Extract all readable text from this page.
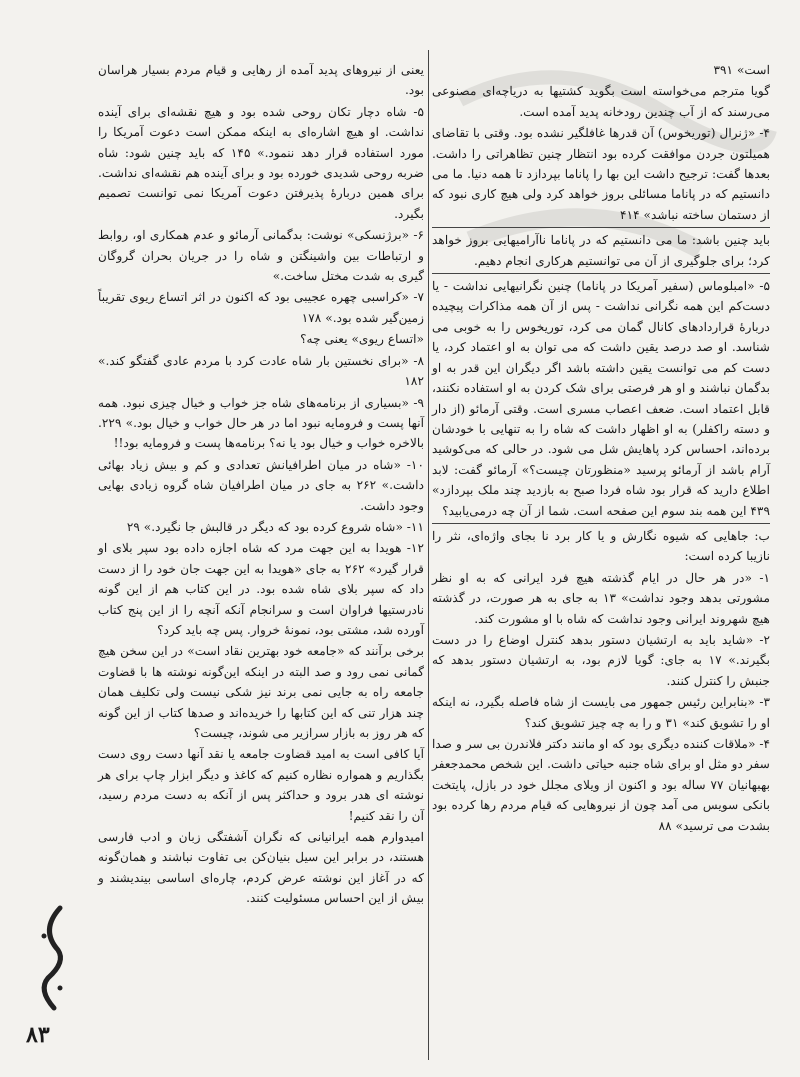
است» ۳۹۱

گویا مترجم می‌خواسته است بگوید کشتیها به دریاچه‌ای مصنوعی می‌رسند که از آب چندین رودخانه پدید آمده است.

۴- «ژنرال (توریخوس) آن قدرها غافلگیر نشده بود. وقتی با تقاضای همیلتون جردن موافقت کرده بود انتظار چنین تظاهراتی را داشت. بعدها گفت: ترجیح داشت این بها را پاناما بپردازد تا همه دنیا. ما می دانستیم که در پاناما مسائلی بروز خواهد کرد ولی هیچ کاری نبود که از دستمان ساخته نباشد» ۴۱۴

باید چنین باشد: ما می دانستیم که در پاناما ناآرامیهایی بروز خواهد کرد؛ برای جلوگیری از آن می توانستیم هرکاری انجام دهیم.

۵- «امبلوماس (سفیر آمریکا در پاناما) چنین نگرانیهایی نداشت - یا دست‌کم این همه نگرانی نداشت - پس از آن همه مذاکرات پیچیده دربارهٔ قراردادهای کانال گمان می کرد، توریخوس را به خوبی می شناسد. او صد درصد یقین داشت که می توان به او اعتماد کرد، یا دست کم می توانست یقین داشته باشد اگر دیگران این قدر به او بدگمان نباشند و او هر فرصتی برای شک کردن به او استفاده نکنند، قابل اعتماد است. ضعف اعصاب مسری است. وقتی آرمائو (از دار و دسته راکفلر) به او اظهار داشت که شاه را به تنهایی با خودشان برده‌اند، احساس کرد پاهایش شل می شود. در حالی که می‌کوشید آرام باشد از آرمائو پرسید «منظورتان چیست؟» آرمائو گفت: لابد اطلاع دارید که قرار بود شاه فردا صبح به بازدید چند ملک بپردازد» ۴۳۹ این همه بند سوم این صفحه است. شما از آن چه درمی‌یابید؟

ب: جاهایی که شیوه نگارش و یا کار برد نا بجای واژه‌ای، نثر را نازیبا کرده است:

۱- «در هر حال در ایام گذشته هیچ فرد ایرانی که به او نظر مشورتی بدهد وجود نداشت» ۱۳ به جای به هر صورت، در گذشته هیچ شهروند ایرانی وجود نداشت که شاه با او مشورت کند.

۲- «شاید باید به ارتشیان دستور بدهد کنترل اوضاع را در دست بگیرند.» ۱۷ به جای: گویا لازم بود، به ارتشیان دستور بدهد که جنبش را کنترل کنند.

۳- «بنابراین رئیس جمهور می بایست از شاه فاصله بگیرد، نه اینکه او را تشویق کند» ۳۱ و را به چه چیز تشویق کند؟

۴- «ملاقات کننده دیگری بود که او مانند دکتر فلاندرن بی سر و صدا سفر دو مثل او برای شاه جنبه حیاتی داشت. این شخص محمدجعفر بهبهانیان ۷۷ ساله بود و اکنون از ویلای مجلل خود در بازل، پایتخت بانکی سویس می آمد چون از نیروهایی که قیام مردم رها کرده بود بشدت می ترسید» ۸۸

یعنی از نیروهای پدید آمده از رهایی و قیام مردم بسیار هراسان بود.

۵- شاه دچار تکان روحی شده بود و هیچ نقشه‌ای برای آینده نداشت. او هیچ اشاره‌ای به اینکه ممکن است دعوت آمریکا را مورد استفاده قرار دهد ننمود.» ۱۴۵ که باید چنین شود: شاه ضربه روحی شدیدی خورده بود و برای آینده هم نقشه‌ای نداشت. برای همین دربارهٔ پذیرفتن دعوت آمریکا نمی توانست تصمیم بگیرد.

۶- «برژنسکی» نوشت: بدگمانی آرمائو و عدم همکاری او، روابط و ارتباطات بین واشینگتن و شاه را در جریان بحران گروگان گیری به شدت مختل ساخت.»

۷- «کراسبی چهره عجیبی بود که اکنون در اثر اتساع ریوی تقریباً زمین‌گیر شده بود.» ۱۷۸

«اتساع ریوی» یعنی چه؟

۸- «برای نخستین بار شاه عادت کرد با مردم عادی گفتگو کند.» ۱۸۲

۹- «بسیاری از برنامه‌های شاه جز خواب و خیال چیزی نبود. همه آنها پست و فرومایه نبود اما در هر حال خواب و خیال بود.» ۲۲۹. بالاخره خواب و خیال بود یا نه؟ برنامه‌ها پست و فرومایه بود!!

۱۰- «شاه در میان اطرافیانش تعدادی و کم و بیش زیاد بهائی داشت.» ۲۶۲ به جای در میان اطرافیان شاه گروه زیادی بهایی وجود داشت.

۱۱- «شاه شروع کرده بود که دیگر در قالبش جا نگیرد.» ۲۹

۱۲- هویدا به این جهت مرد که شاه اجازه داده بود سپر بلای او قرار گیرد» ۲۶۲ به جای «هویدا به این جهت جان خود را از دست داد که سپر بلای شاه شده بود. در این کتاب هم از این گونه نادرستیها فراوان است و سرانجام آنکه آنچه را از این پنج کتاب آورده شد، مشتی بود، نمونهٔ خروار. پس چه باید کرد؟

برخی برآنند که «جامعه خود بهترین نقاد است» در این سخن هیچ گمانی نمی رود و صد البته در اینکه این‌گونه نوشته ها با قضاوت جامعه راه به جایی نمی برند نیز شکی نیست ولی تکلیف همان چند هزار تنی که این کتابها را خریده‌اند و صدها کتاب از این گونه که هر روز به بازار سرازیر می شوند، چیست؟

آیا کافی است به امید قضاوت جامعه یا نقد آنها دست روی دست بگذاریم و همواره نظاره کنیم که کاغذ و دیگر ابزار چاپ برای هر نوشته ای هدر برود و حداکثر پس از آنکه به دست مردم رسید، آن را نقد کنیم!

امیدوارم همه ایرانیانی که نگران آشفتگی زبان و ادب فارسی هستند، در برابر این سیل بنیان‌کن بی تفاوت نباشند و همان‌گونه که در آغاز این نوشته عرض کردم، چاره‌ای اساسی بیندیشند و بیش از این احساس مسئولیت کنند.

۸۳
